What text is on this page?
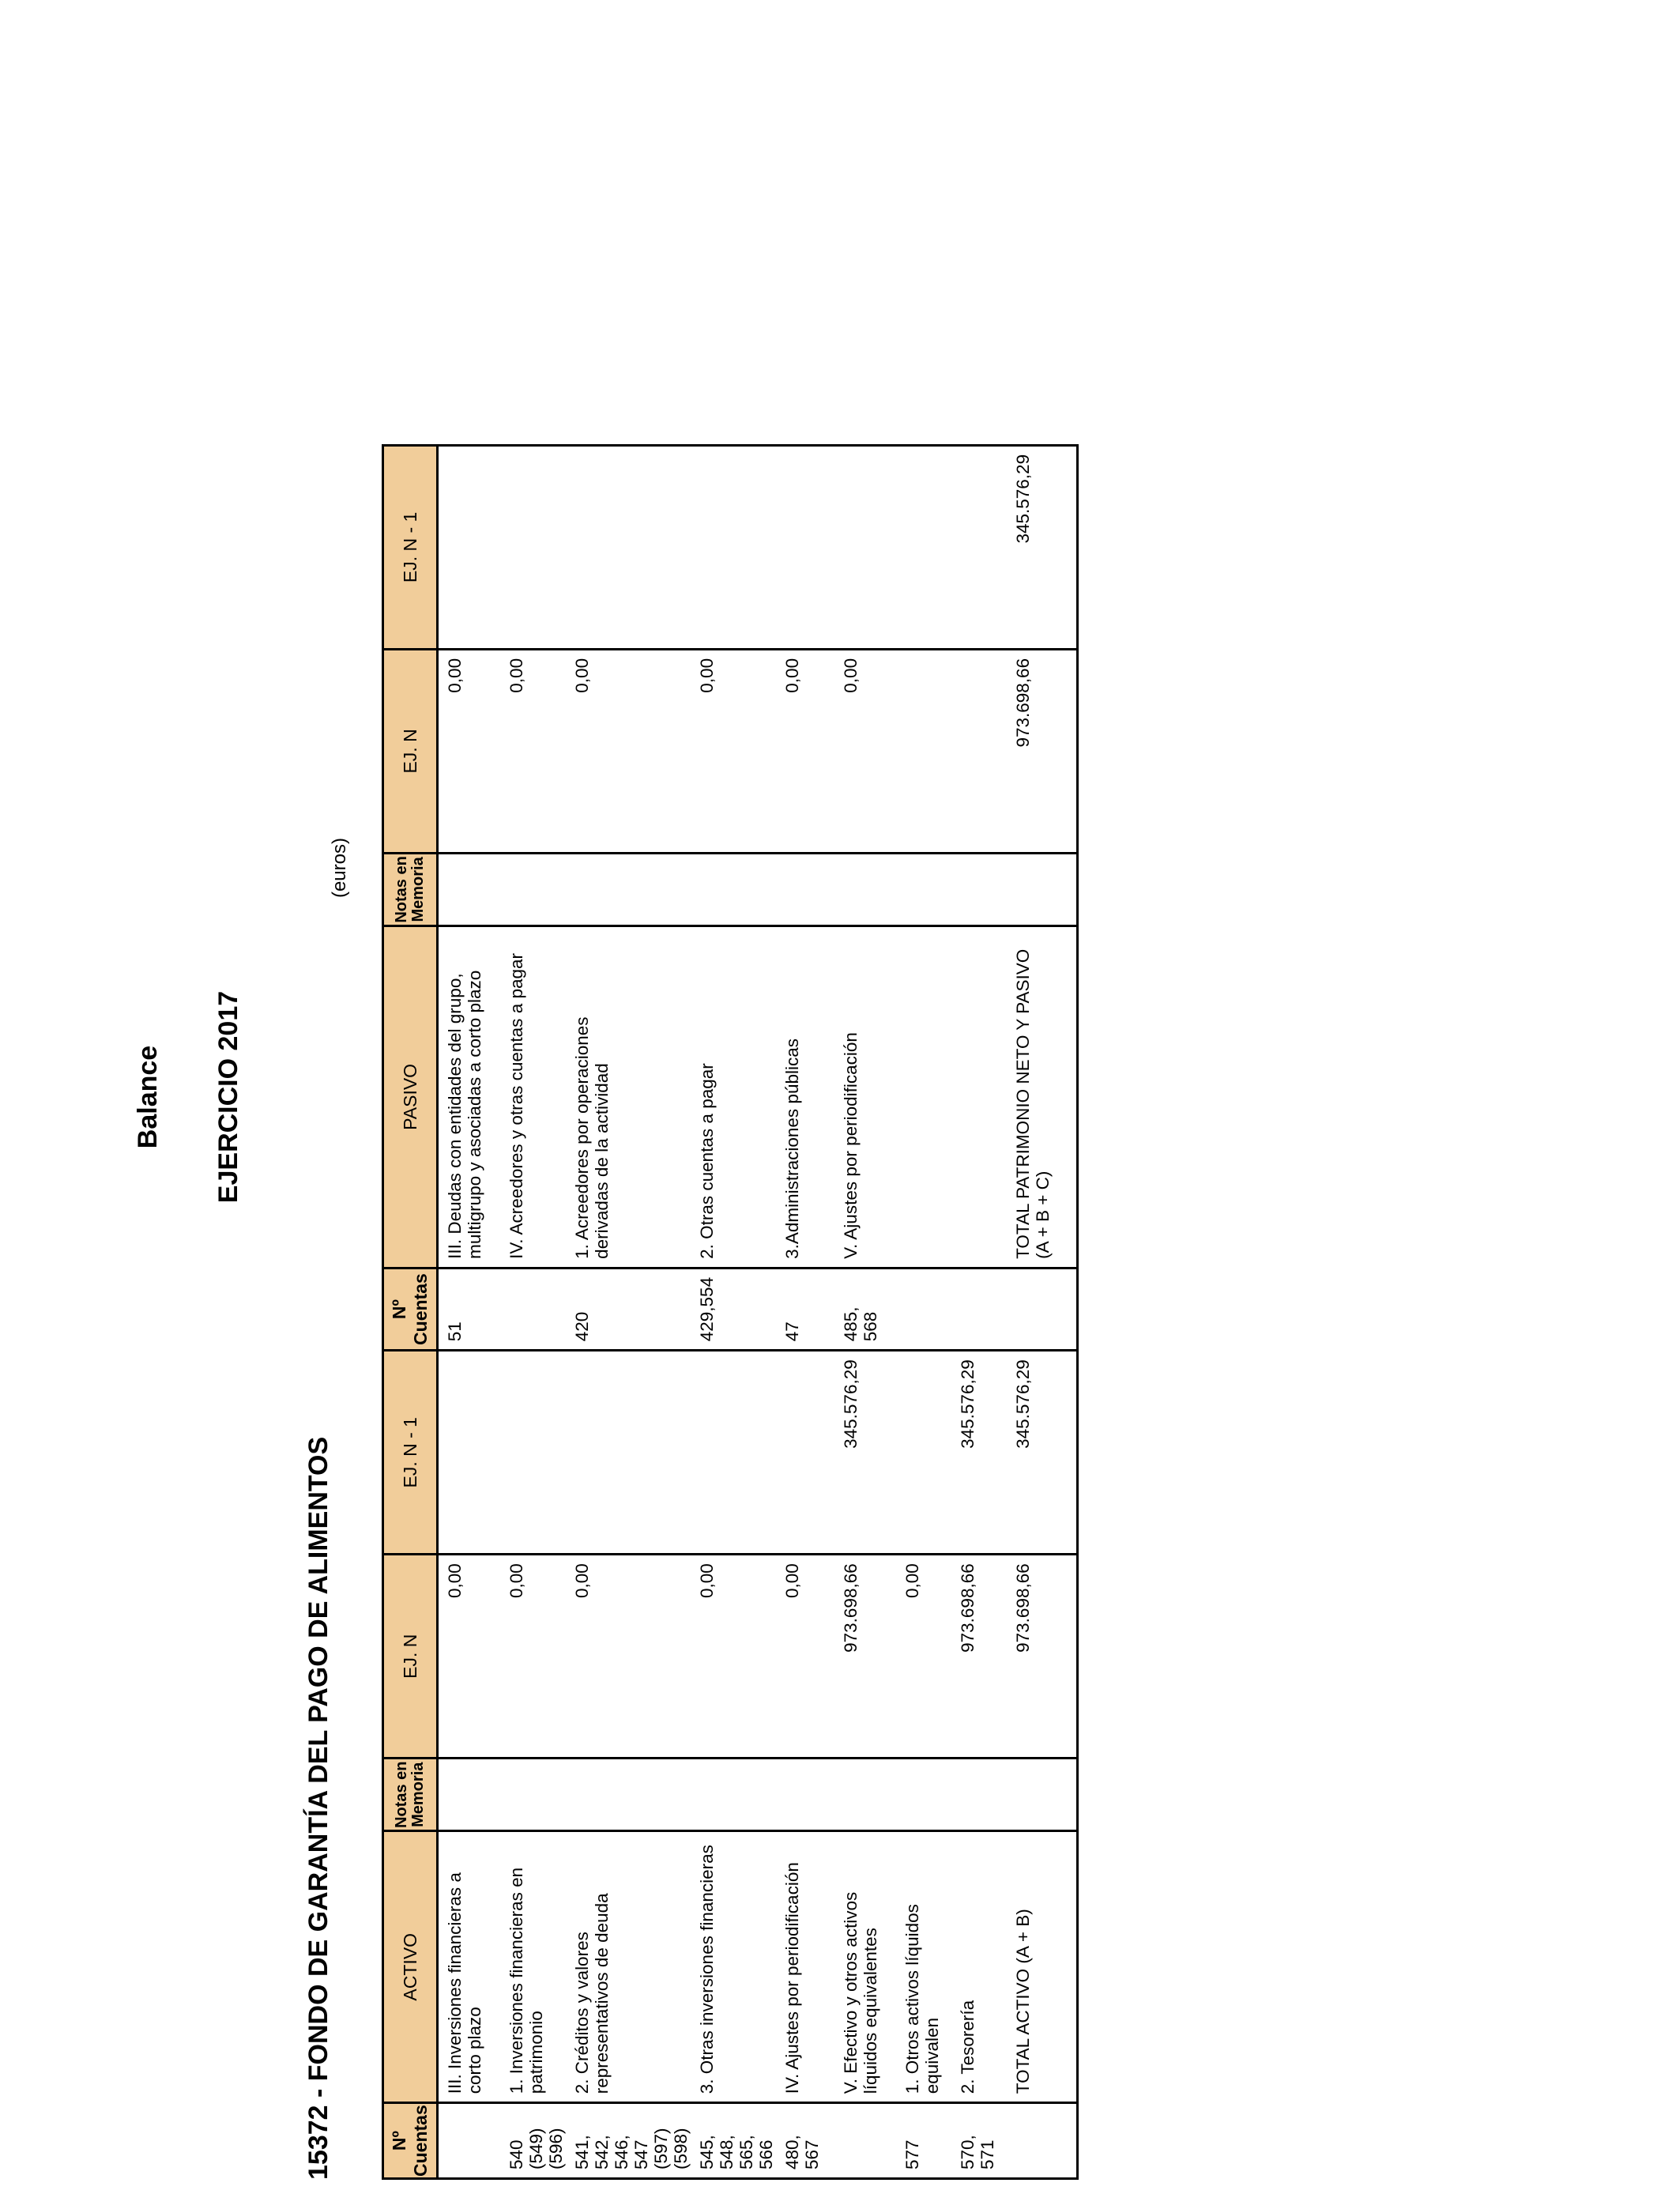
Balance EJERCICIO 2017
15372 - FONDO DE GARANTÍA DEL PAGO DE ALIMENTOS
(euros)
Nº Cuentas	ACTIVO	Notas en Memoria	EJ. N	EJ. N - 1	Nº Cuentas	PASIVO	Notas en Memoria	EJ. N	EJ. N - 1
	III. Inversiones financieras a corto plazo		0,00		51	III. Deudas con entidades del grupo, multigrupo y asociadas a corto plazo		0,00	
540 (549) (596)	1. Inversiones financieras en patrimonio		0,00			IV. Acreedores y otras cuentas a pagar		0,00	
541, 542, 546, 547 (597) (598)	2. Créditos y valores representativos de deuda		0,00		420	1. Acreedores por operaciones derivadas de la actividad		0,00	
545, 548, 565, 566	3. Otras inversiones financieras		0,00		429,554	2. Otras cuentas a pagar		0,00	
480, 567	IV. Ajustes por periodificación		0,00		47	3.Administraciones públicas		0,00	
	V. Efectivo y otros activos líquidos equivalentes		973.698,66	345.576,29	485, 568	V. Ajustes por periodificación		0,00	
577	1. Otros activos líquidos equivalen		0,00						
570, 571	2. Tesorería		973.698,66	345.576,29					
	TOTAL ACTIVO (A + B)		973.698,66	345.576,29		TOTAL PATRIMONIO NETO Y PASIVO (A + B + C)		973.698,66	345.576,29
